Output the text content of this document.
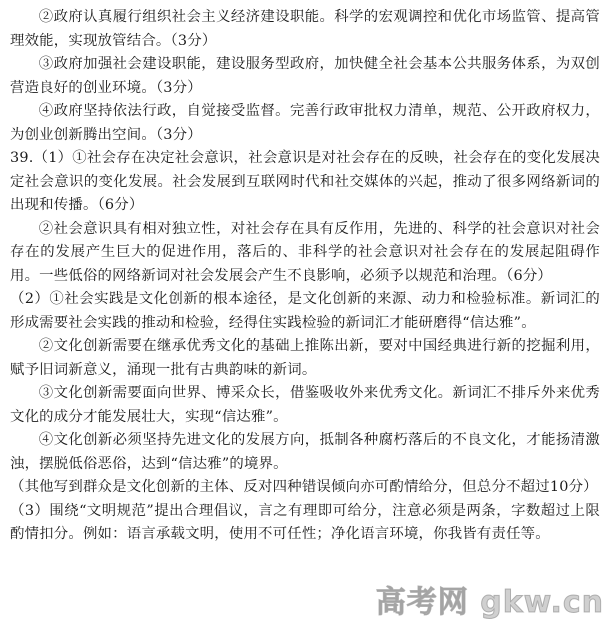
②政府认真履行组织社会主义经济建设职能。科学的宏观调控和优化市场监管、提高管理效能，实现放管结合。（3分）

③政府加强社会建设职能，建设服务型政府，加快健全社会基本公共服务体系，为双创营造良好的创业环境。（3分）

④政府坚持依法行政，自觉接受监督。完善行政审批权力清单，规范、公开政府权力，为创业创新腾出空间。（3分）

39.（1）①社会存在决定社会意识，社会意识是对社会存在的反映，社会存在的变化发展决定社会意识的变化发展。社会发展到互联网时代和社交媒体的兴起，推动了很多网络新词的出现和传播。（6分）

②社会意识具有相对独立性，对社会存在具有反作用，先进的、科学的社会意识对社会存在的发展产生巨大的促进作用，落后的、非科学的社会意识对社会存在的发展起阻碍作用。一些低俗的网络新词对社会发展会产生不良影响，必须予以规范和治理。（6分）

（2）①社会实践是文化创新的根本途径，是文化创新的来源、动力和检验标准。新词汇的形成需要社会实践的推动和检验，经得住实践检验的新词汇才能研磨得“信达雅”。

②文化创新需要在继承优秀文化的基础上推陈出新，要对中国经典进行新的挖掘利用，赋予旧词新意义，涌现一批有古典韵味的新词。

③文化创新需要面向世界、博采众长，借鉴吸收外来优秀文化。新词汇不排斥外来优秀文化的成分才能发展壮大，实现“信达雅”。

④文化创新必须坚持先进文化的发展方向，抵制各种腐朽落后的不良文化，才能扬清激浊，摆脱低俗恶俗，达到“信达雅”的境界。

（其他写到群众是文化创新的主体、反对四种错误倾向亦可酌情给分，但总分不超过10分）

（3）围绕“文明规范”提出合理倡议，言之有理即可给分，注意必须是两条，字数超过上限酌情扣分。例如：语言承载文明，使用不可任性；净化语言环境，你我皆有责任等。

高考网 gkw.cn
